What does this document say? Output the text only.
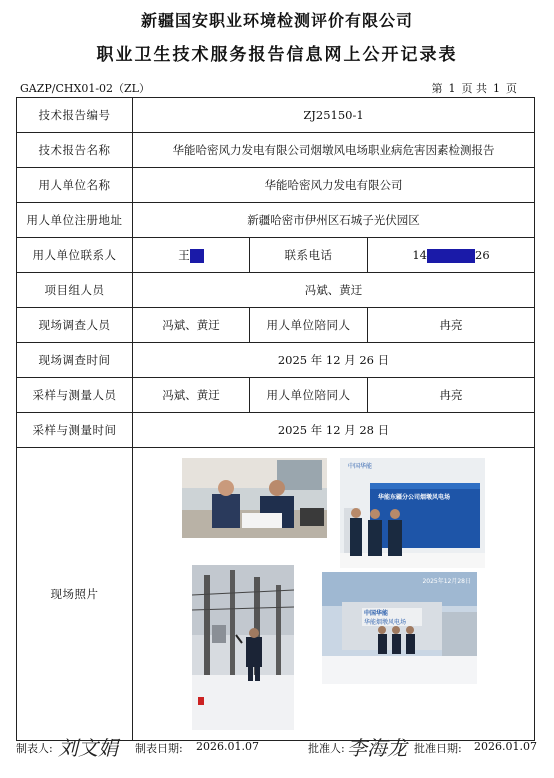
新疆国安职业环境检测评价有限公司
职业卫生技术服务报告信息网上公开记录表
GAZP/CHX01-02（ZL）	第 1 页 共 1 页
技术报告编号	ZJ25150-1		
技术报告名称	华能哈密风力发电有限公司烟墩风电场职业病危害因素检测报告		
用人单位名称	华能哈密风力发电有限公司		
用人单位注册地址	新疆哈密市伊州区石城子光伏园区		
用人单位联系人	王	联系电话	14 26
项目组人员	冯斌、黄迂		
现场调查人员	冯斌、黄迂	用人单位陪同人	冉亮
现场调查时间	2025 年 12 月 26 日		
采样与测量人员	冯斌、黄迂	用人单位陪同人	冉亮
采样与测量时间	2025 年 12 月 28 日		
现场照片	中国华能
华能东疆分公司烟墩风电场
中国华能
华能烟墩风电场
2025年12月28日		
制表人: 刘文娟 制表日期: 2026.01.07	批准人: 李海龙 批准日期: 2026.01.07
